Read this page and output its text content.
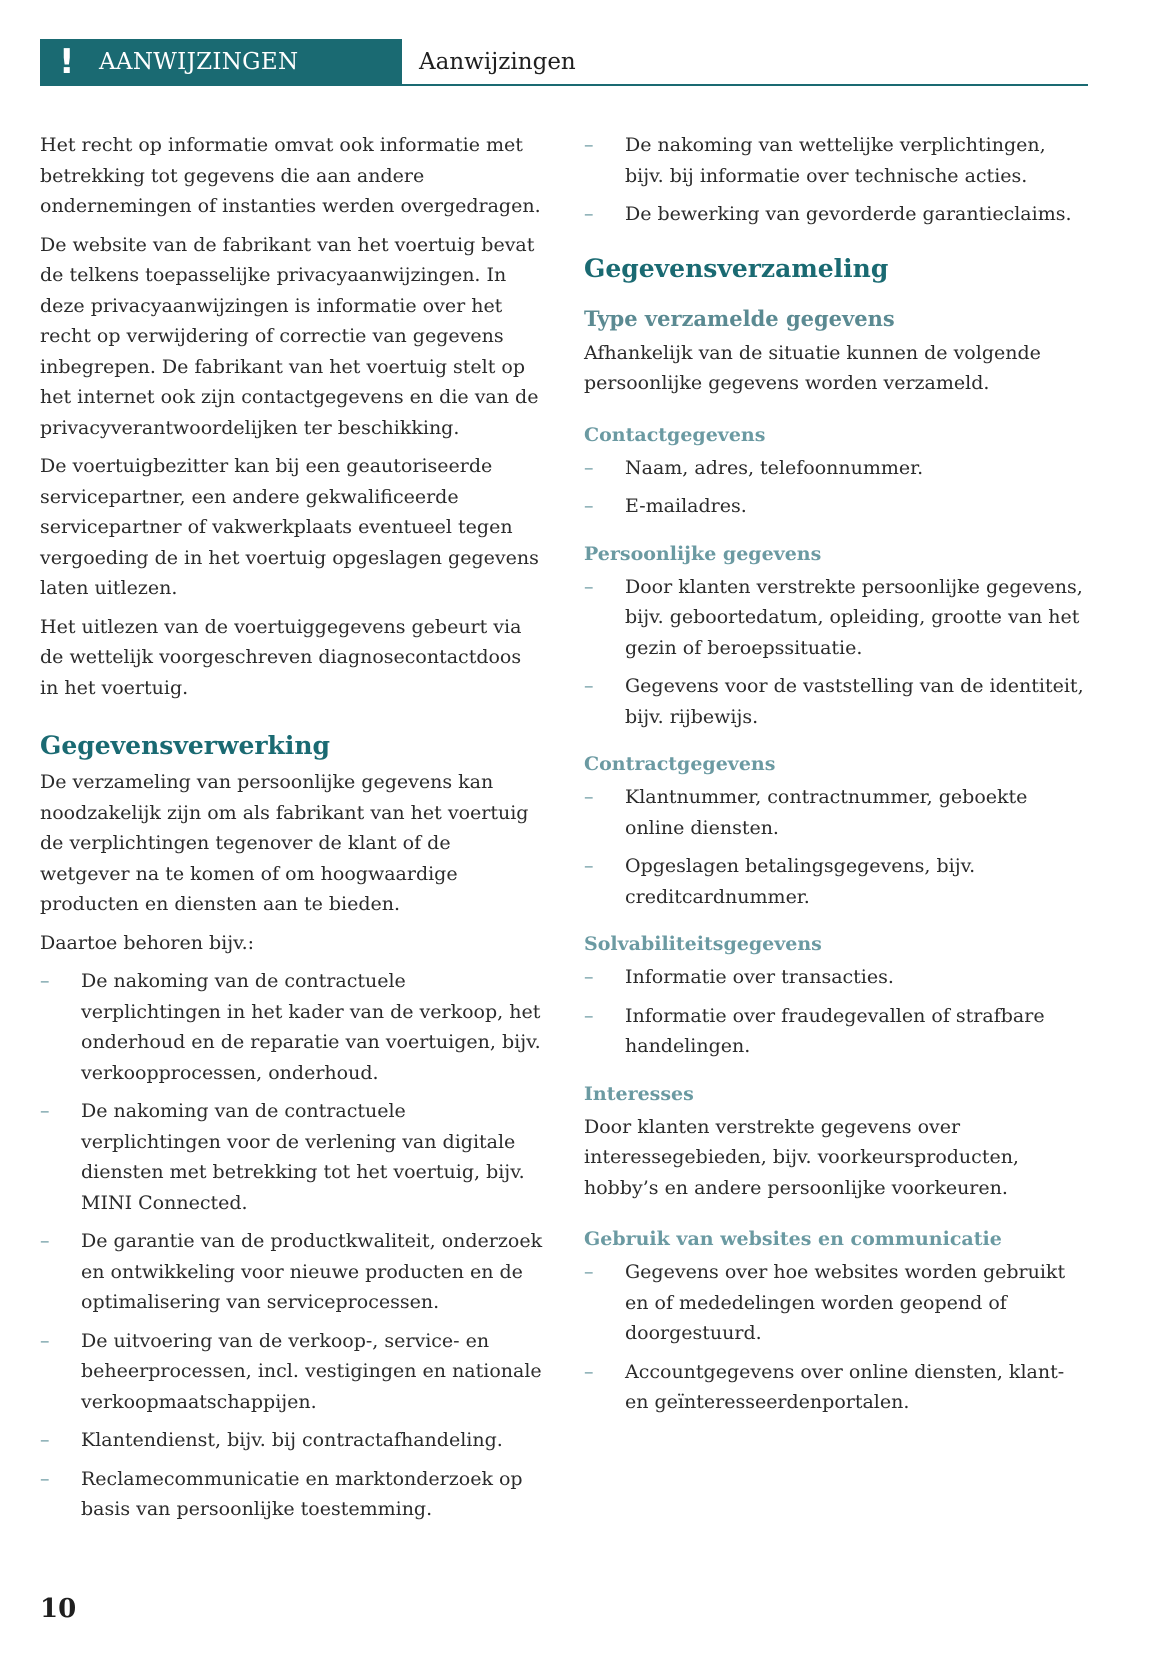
! AANWIJZINGEN	Aanwijzingen

Het recht op informatie omvat ook informatie met betrekking tot gegevens die aan andere ondernemingen of instanties werden overgedragen.

De website van de fabrikant van het voertuig bevat de telkens toepasselijke privacyaanwijzingen. In deze privacyaanwijzingen is informatie over het recht op verwijdering of correctie van gegevens inbegrepen. De fabrikant van het voertuig stelt op het internet ook zijn contactgegevens en die van de privacyverantwoordelijken ter beschikking.

De voertuigbezitter kan bij een geautoriseerde servicepartner, een andere gekwalificeerde servicepartner of vakwerkplaats eventueel tegen vergoeding de in het voertuig opgeslagen gegevens laten uitlezen.

Het uitlezen van de voertuiggegevens gebeurt via de wettelijk voorgeschreven diagnosecontactdoos in het voertuig.

Gegevensverwerking

De verzameling van persoonlijke gegevens kan noodzakelijk zijn om als fabrikant van het voertuig de verplichtingen tegenover de klant of de wetgever na te komen of om hoogwaardige producten en diensten aan te bieden.

Daartoe behoren bijv.:

– De nakoming van de contractuele verplichtingen in het kader van de verkoop, het onderhoud en de reparatie van voertuigen, bijv. verkoopprocessen, onderhoud.
– De nakoming van de contractuele verplichtingen voor de verlening van digitale diensten met betrekking tot het voertuig, bijv. MINI Connected.
– De garantie van de productkwaliteit, onderzoek en ontwikkeling voor nieuwe producten en de optimalisering van serviceprocessen.
– De uitvoering van de verkoop-, service- en beheerprocessen, incl. vestigingen en nationale verkoopmaatschappijen.
– Klantendienst, bijv. bij contractafhandeling.
– Reclamecommunicatie en marktonderzoek op basis van persoonlijke toestemming.
– De nakoming van wettelijke verplichtingen, bijv. bij informatie over technische acties.
– De bewerking van gevorderde garantieclaims.
Gegevensverzameling
Type verzamelde gegevens

Afhankelijk van de situatie kunnen de volgende persoonlijke gegevens worden verzameld.

Contactgegevens
– Naam, adres, telefoonnummer.
– E-mailadres.
Persoonlijke gegevens
– Door klanten verstrekte persoonlijke gegevens, bijv. geboortedatum, opleiding, grootte van het gezin of beroepssituatie.
– Gegevens voor de vaststelling van de identiteit, bijv. rijbewijs.
Contractgegevens
– Klantnummer, contractnummer, geboekte online diensten.
– Opgeslagen betalingsgegevens, bijv. creditcardnummer.
Solvabiliteitsgegevens
– Informatie over transacties.
– Informatie over fraudegevallen of strafbare handelingen.
Interesses

Door klanten verstrekte gegevens over interessegebieden, bijv. voorkeursproducten, hobby’s en andere persoonlijke voorkeuren.

Gebruik van websites en communicatie
– Gegevens over hoe websites worden gebruikt en of mededelingen worden geopend of doorgestuurd.
– Accountgegevens over online diensten, klant- en geïnteresseerdenportalen.
10
